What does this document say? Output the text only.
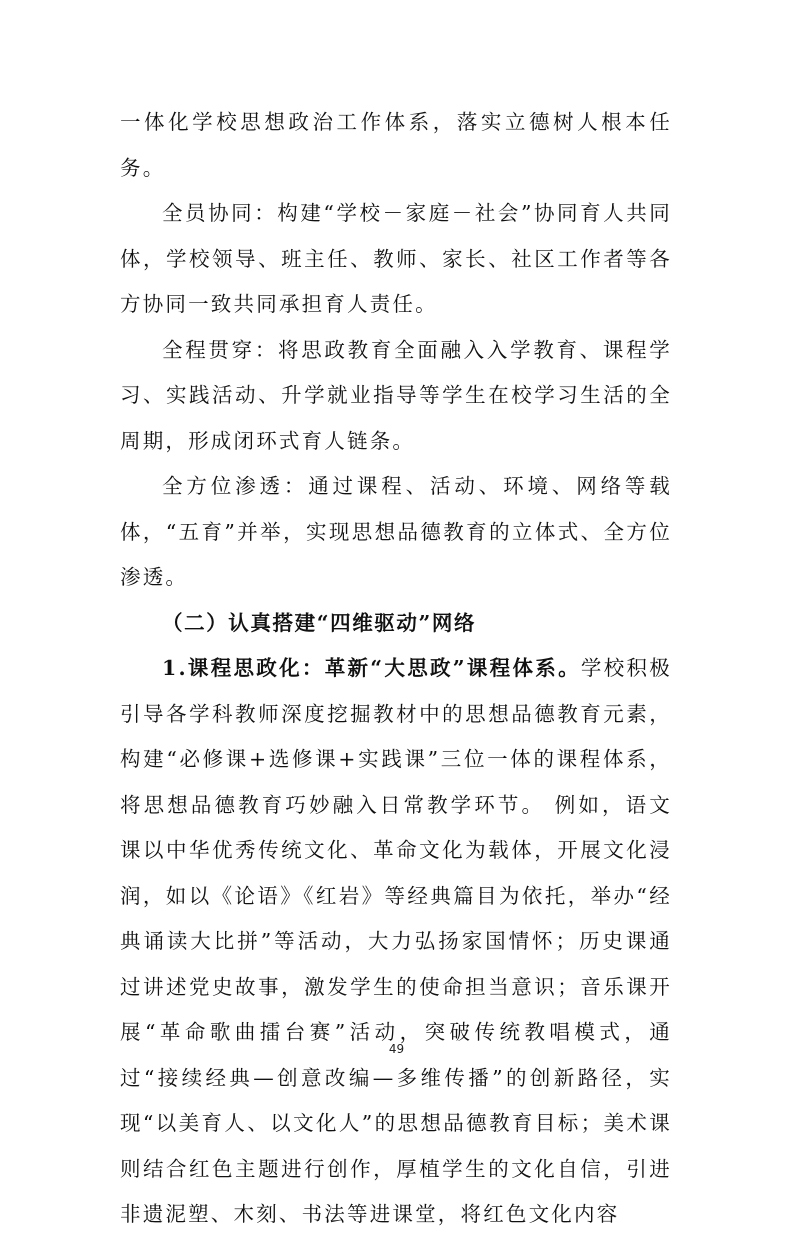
一体化学校思想政治工作体系，落实立德树人根本任务。

全员协同：构建“学校－家庭－社会”协同育人共同体，学校领导、班主任、教师、家长、社区工作者等各方协同一致共同承担育人责任。

全程贯穿：将思政教育全面融入入学教育、课程学习、实践活动、升学就业指导等学生在校学习生活的全周期，形成闭环式育人链条。

全方位渗透：通过课程、活动、环境、网络等载体，“五育”并举，实现思想品德教育的立体式、全方位渗透。

（二）认真搭建“四维驱动”网络

1.课程思政化：革新“大思政”课程体系。学校积极引导各学科教师深度挖掘教材中的思想品德教育元素，构建“必修课+选修课+实践课”三位一体的课程体系，将思想品德教育巧妙融入日常教学环节。 例如，语文课以中华优秀传统文化、革命文化为载体，开展文化浸润，如以《论语》《红岩》等经典篇目为依托，举办“经典诵读大比拼”等活动，大力弘扬家国情怀；历史课通过讲述党史故事，激发学生的使命担当意识；音乐课开展“革命歌曲擂台赛”活动，突破传统教唱模式，通过“接续经典—创意改编—多维传播”的创新路径，实现“以美育人、以文化人”的思想品德教育目标；美术课则结合红色主题进行创作，厚植学生的文化自信，引进非遗泥塑、木刻、书法等进课堂，将红色文化内容

49
